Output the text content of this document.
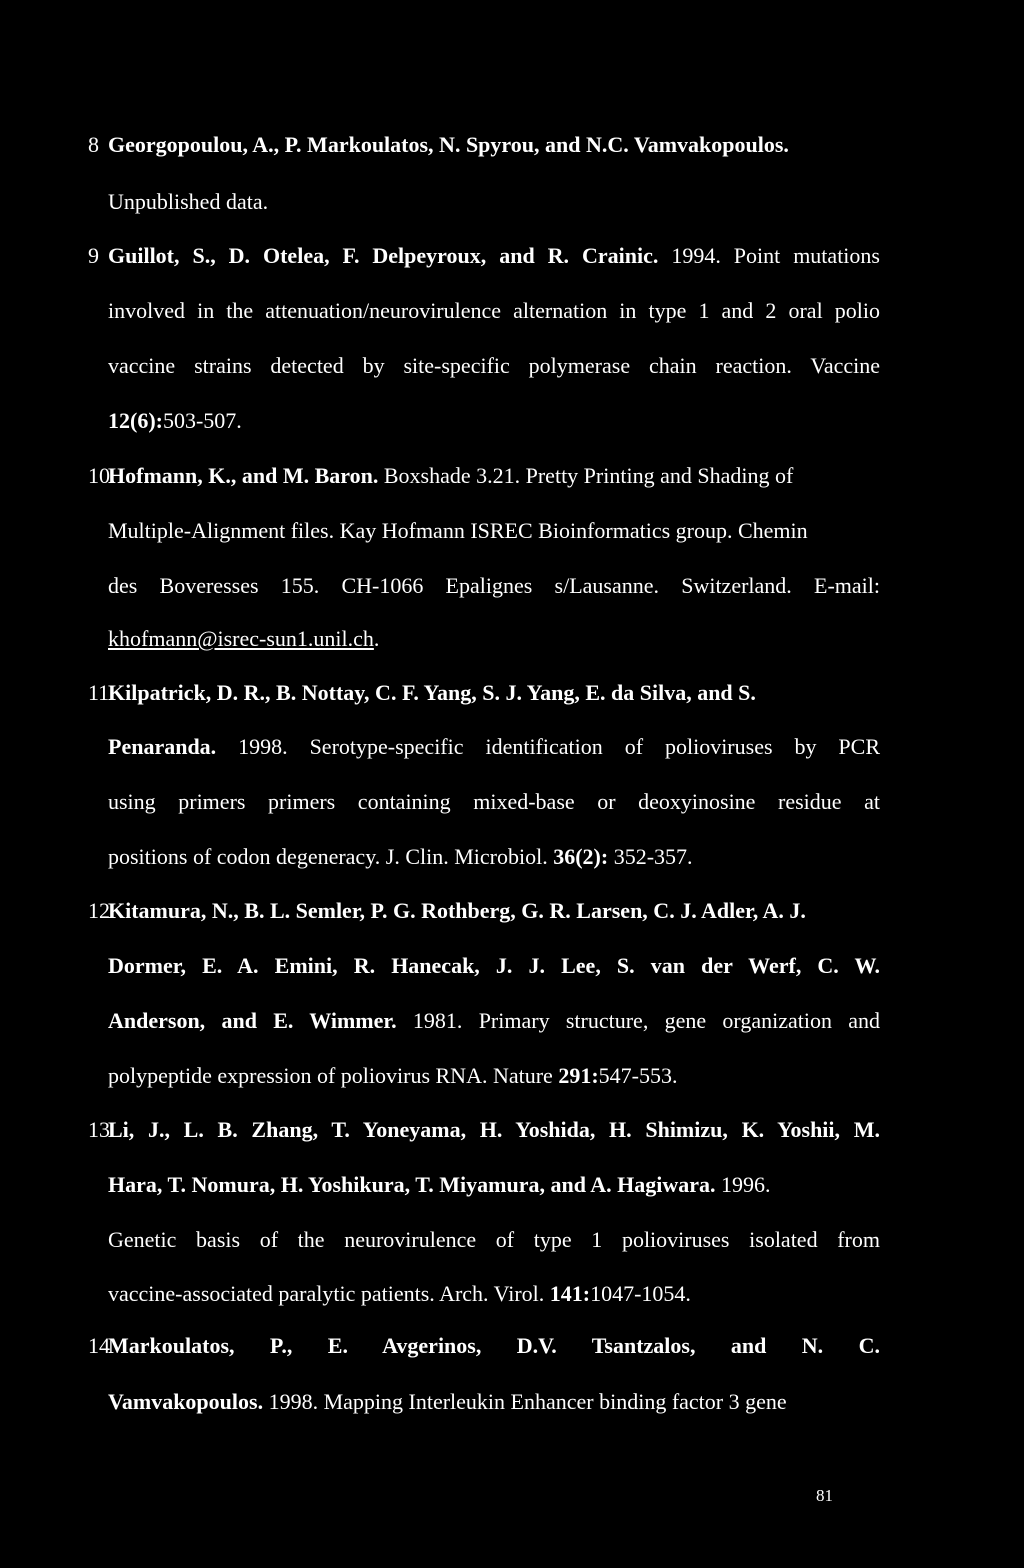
8 Georgopoulou, A., P. Markoulatos, N. Spyrou, and N.C. Vamvakopoulos.
Unpublished data.
9 Guillot, S., D. Otelea, F. Delpeyroux, and R. Crainic. 1994. Point mutations
involved in the attenuation/neurovirulence alternation in type 1 and 2 oral polio
vaccine strains detected by site-specific polymerase chain reaction. Vaccine
12(6):503-507.
10.
Hofmann, K., and M. Baron. Boxshade 3.21. Pretty Printing and Shading of
Multiple-Alignment files. Kay Hofmann ISREC Bioinformatics group. Chemin
des Boveresses 155. CH-1066 Epalignes s/Lausanne. Switzerland. E-mail:
khofmann@isrec-sun1.unil.ch.
11
Kilpatrick, D. R., B. Nottay, C. F. Yang, S. J. Yang, E. da Silva, and S.
Penaranda. 1998. Serotype-specific identification of polioviruses by PCR
using primers primers containing mixed-base or deoxyinosine residue at
positions of codon degeneracy. J. Clin. Microbiol. 36(2): 352-357.
12
Kitamura, N., B. L. Semler, P. G. Rothberg, G. R. Larsen, C. J. Adler, A. J.
Dormer, E. A. Emini, R. Hanecak, J. J. Lee, S. van der Werf, C. W.
Anderson, and E. Wimmer. 1981. Primary structure, gene organization and
polypeptide expression of poliovirus RNA. Nature 291:547-553.
13
Li, J., L. B. Zhang, T. Yoneyama, H. Yoshida, H. Shimizu, K. Yoshii, M.
Hara, T. Nomura, H. Yoshikura, T. Miyamura, and A. Hagiwara. 1996.
Genetic basis of the neurovirulence of type 1 polioviruses isolated from
vaccine-associated paralytic patients. Arch. Virol. 141:1047-1054.
14
Markoulatos, P., E. Avgerinos, D.V. Tsantzalos, and N. C.
Vamvakopoulos. 1998. Mapping Interleukin Enhancer binding factor 3 gene
81
